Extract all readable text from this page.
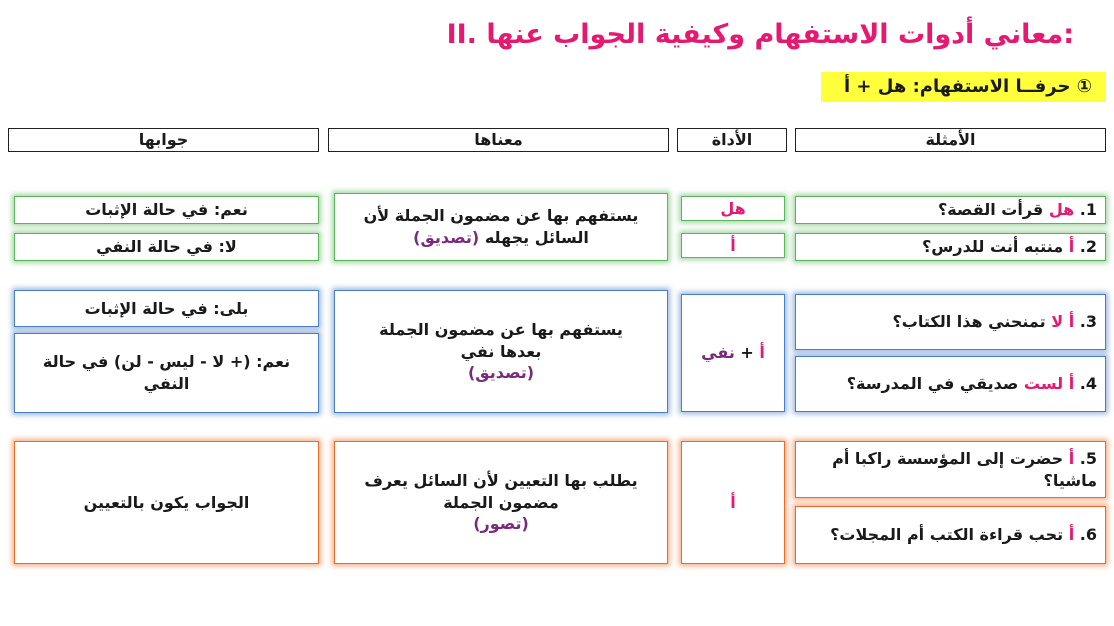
II. معاني أدوات الاستفهام وكيفية الجواب عنها:
① حرفــا الاستفهام: هل + أ
الأمثلة
الأداة
معناها
جوابها
1. هل قرأت القصة؟
2. أ منتبه أنت للدرس؟
هل
أ
يستفهم بها عن مضمون الجملة لأن السائل يجهله (تصديق)
نعم: في حالة الإثبات
لا: في حالة النفي
3. أ لا تمنحني هذا الكتاب؟
4. أ لست صديقي في المدرسة؟
أ + نفي
يستفهم بها عن مضمون الجملة
بعدها نفي
(تصديق)
بلى: في حالة الإثبات
نعم: (+ لا - ليس - لن) في حالة النفي
5. أ حضرت إلى المؤسسة راكبا أم ماشيا؟
6. أ تحب قراءة الكتب أم المجلات؟
أ
يطلب بها التعيين لأن السائل يعرف
مضمون الجملة
(تصور)
الجواب يكون بالتعيين
